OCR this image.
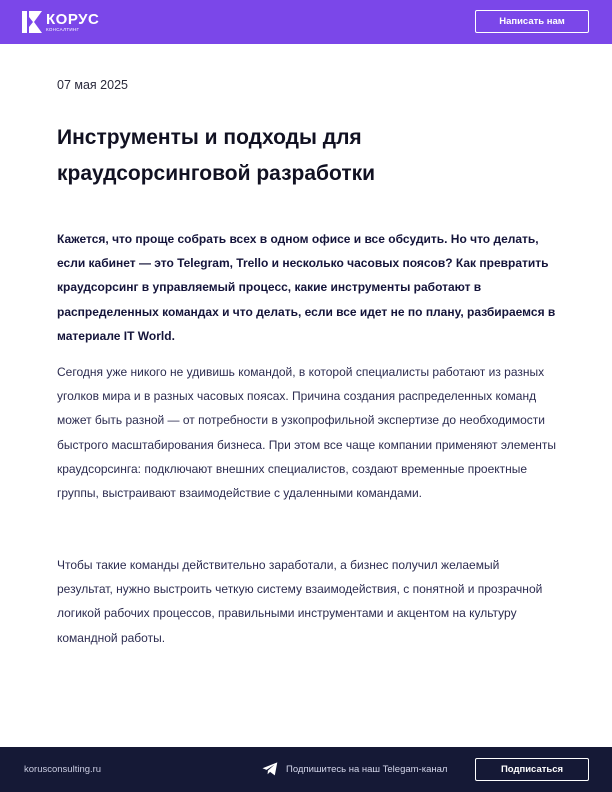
КОРУС
КОНСАЛТИНГ
Написать нам
07 мая 2025
Инструменты и подходы для краудсорсинговой разработки

Кажется, что проще собрать всех в одном офисе и все обсудить. Но что делать, если кабинет — это Telegram, Trello и несколько часовых поясов? Как превратить краудсорсинг в управляемый процесс, какие инструменты работают в распределенных командах и что делать, если все идет не по плану, разбираемся в материале IT World.

Сегодня уже никого не удивишь командой, в которой специалисты работают из разных уголков мира и в разных часовых поясах. Причина создания распределенных команд может быть разной — от потребности в узкопрофильной экспертизе до необходимости быстрого масштабирования бизнеса. При этом все чаще компании применяют элементы краудсорсинга: подключают внешних специалистов, создают временные проектные группы, выстраивают взаимодействие с удаленными командами.

Чтобы такие команды действительно заработали, а бизнес получил желаемый результат, нужно выстроить четкую систему взаимодействия, с понятной и прозрачной логикой рабочих процессов, правильными инструментами и акцентом на культуру командной работы.

korusconsulting.ru	Подпишитесь на наш Telegam-канал	Подписаться
